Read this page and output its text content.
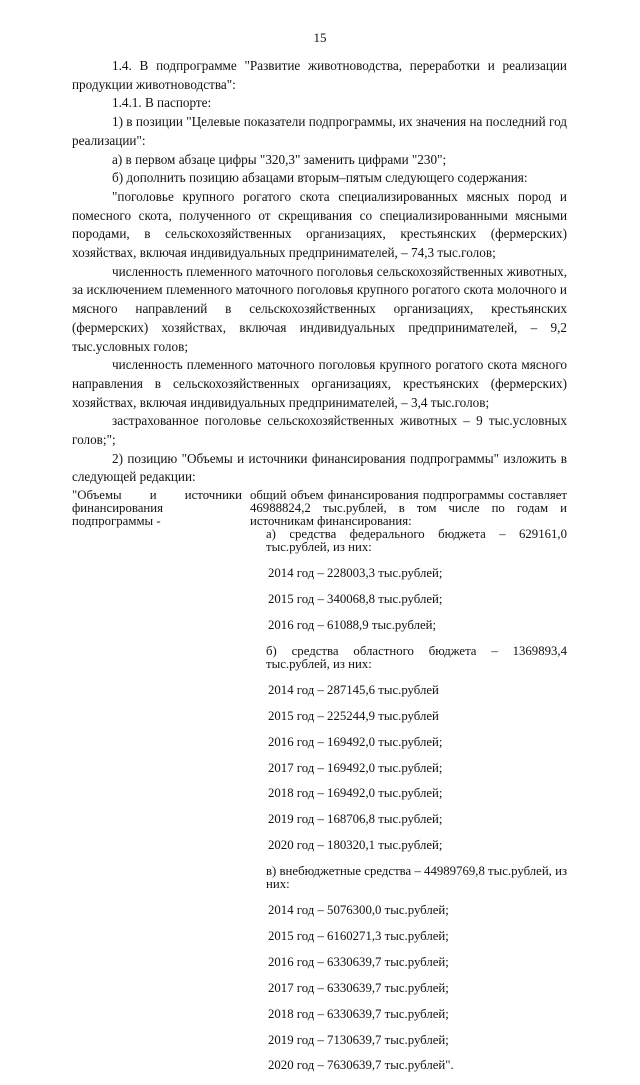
15

1.4. В подпрограмме "Развитие животноводства, переработки и реализации продукции животноводства":

1.4.1. В паспорте:

1) в позиции "Целевые показатели подпрограммы, их значения на последний год реализации":

а) в первом абзаце цифры "320,3" заменить цифрами "230";

б) дополнить позицию абзацами вторым–пятым следующего содержания:

"поголовье крупного рогатого скота специализированных мясных пород и помесного скота, полученного от скрещивания со специализированными мясными породами, в сельскохозяйственных организациях, крестьянских (фермерских) хозяйствах, включая индивидуальных предпринимателей, – 74,3 тыс.голов;

численность племенного маточного поголовья сельскохозяйственных животных, за исключением племенного маточного поголовья крупного рогатого скота молочного и мясного направлений в сельскохозяйственных организациях, крестьянских (фермерских) хозяйствах, включая индивидуальных предпринимателей, – 9,2 тыс.условных голов;

численность племенного маточного поголовья крупного рогатого скота мясного направления в сельскохозяйственных организациях, крестьянских (фермерских) хозяйствах, включая индивидуальных предпринимателей, – 3,4 тыс.голов;

застрахованное поголовье сельскохозяйственных животных – 9 тыс.условных голов;";

2) позицию "Объемы и источники финансирования подпрограммы" изложить в следующей редакции:

"Объемы и источники финансирования подпрограммы -

общий объем финансирования подпрограммы составляет 46988824,2 тыс.рублей, в том числе по годам и источникам финансирования:

а) средства федерального бюджета – 629161,0 тыс.рублей, из них:

2014 год – 228003,3 тыс.рублей;

2015 год – 340068,8 тыс.рублей;

2016 год – 61088,9 тыс.рублей;

б) средства областного бюджета – 1369893,4 тыс.рублей, из них:

2014 год – 287145,6 тыс.рублей

2015 год – 225244,9 тыс.рублей

2016 год – 169492,0 тыс.рублей;

2017 год – 169492,0 тыс.рублей;

2018 год – 169492,0 тыс.рублей;

2019 год – 168706,8 тыс.рублей;

2020 год – 180320,1 тыс.рублей;

в) внебюджетные средства – 44989769,8 тыс.рублей, из них:

2014 год – 5076300,0 тыс.рублей;

2015 год – 6160271,3 тыс.рублей;

2016 год – 6330639,7 тыс.рублей;

2017 год – 6330639,7 тыс.рублей;

2018 год – 6330639,7 тыс.рублей;

2019 год – 7130639,7 тыс.рублей;

2020 год – 7630639,7 тыс.рублей".
